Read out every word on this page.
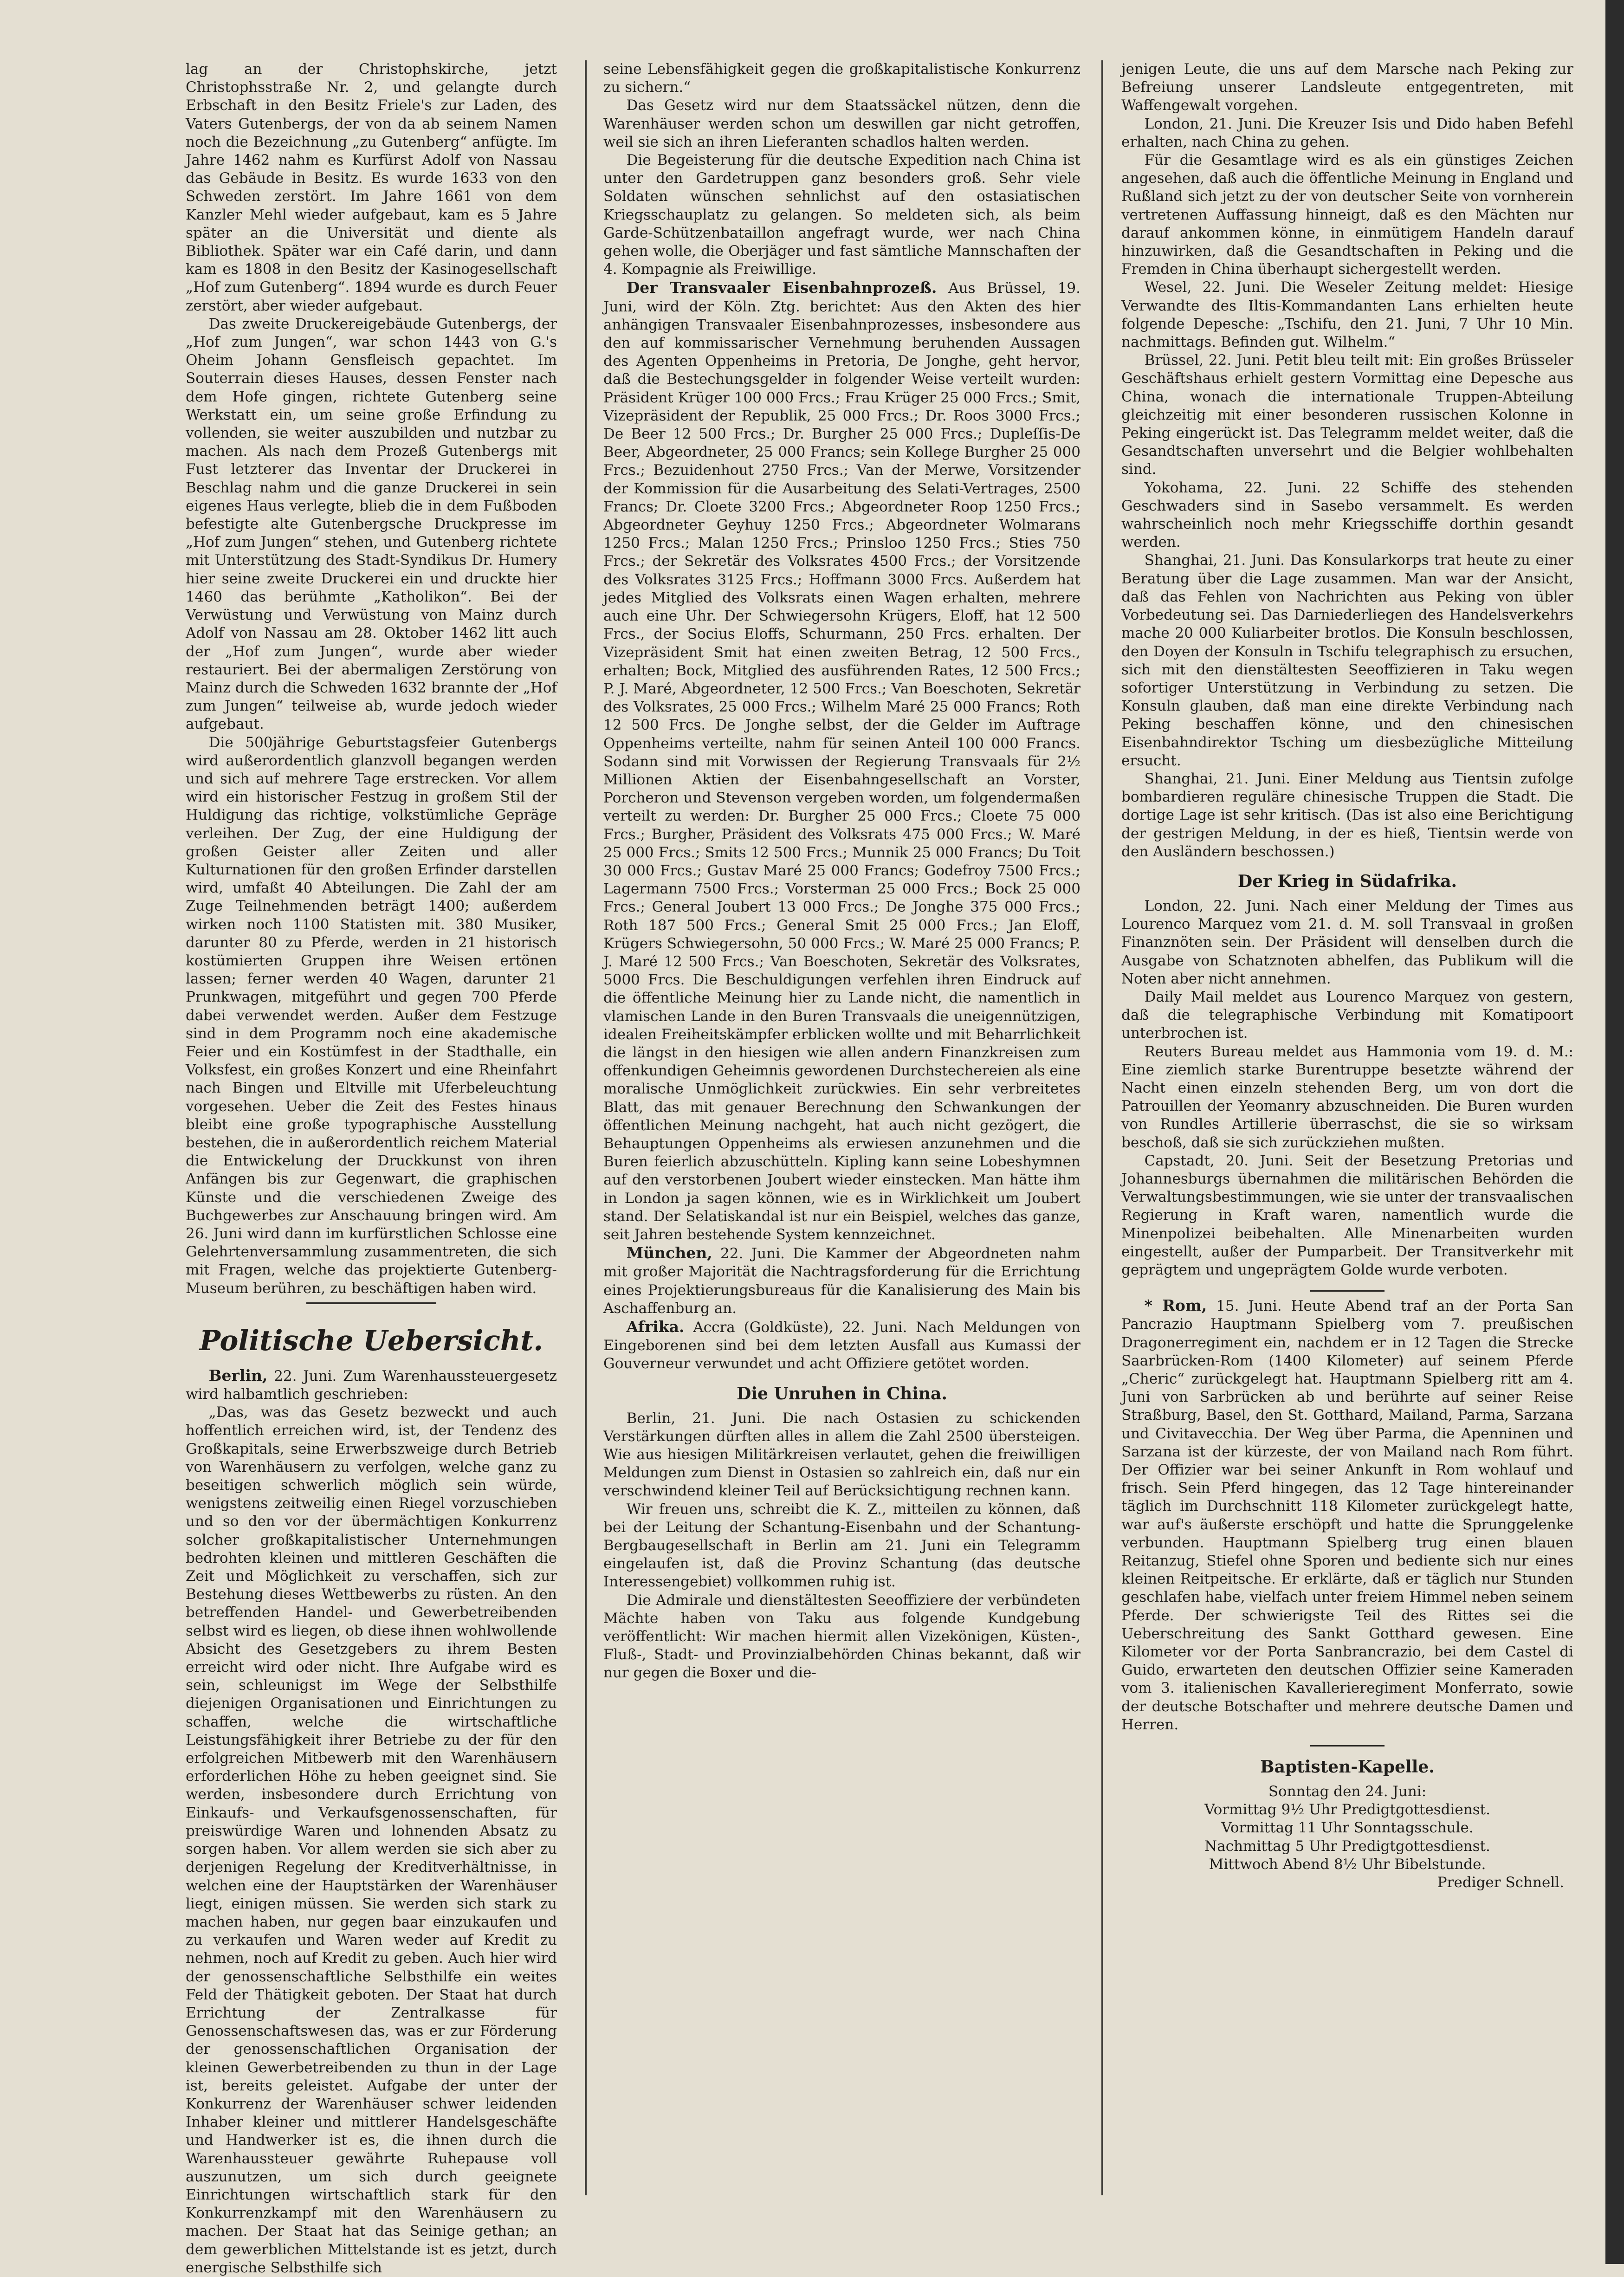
lag an der Christophskirche, jetzt Christophsstraße Nr. 2, und gelangte durch Erbschaft in den Besitz Friele's zur Laden, des Vaters Gutenbergs, der von da ab seinem Namen noch die Bezeichnung „zu Gutenberg“ anfügte. Im Jahre 1462 nahm es Kurfürst Adolf von Nassau das Gebäude in Besitz. Es wurde 1633 von den Schweden zerstört. Im Jahre 1661 von dem Kanzler Mehl wieder aufgebaut, kam es 5 Jahre später an die Universität und diente als Bibliothek. Später war ein Café darin, und dann kam es 1808 in den Besitz der Kasinogesellschaft „Hof zum Gutenberg“. 1894 wurde es durch Feuer zerstört, aber wieder aufgebaut.

Das zweite Druckereigebäude Gutenbergs, der „Hof zum Jungen“, war schon 1443 von G.'s Oheim Johann Gensfleisch gepachtet. Im Souterrain dieses Hauses, dessen Fenster nach dem Hofe gingen, richtete Gutenberg seine Werkstatt ein, um seine große Erfindung zu vollenden, sie weiter auszubilden und nutzbar zu machen. Als nach dem Prozeß Gutenbergs mit Fust letzterer das Inventar der Druckerei in Beschlag nahm und die ganze Druckerei in sein eigenes Haus verlegte, blieb die in dem Fußboden befestigte alte Gutenbergsche Druckpresse im „Hof zum Jungen“ stehen, und Gutenberg richtete mit Unterstützung des Stadt-Syndikus Dr. Humery hier seine zweite Druckerei ein und druckte hier 1460 das berühmte „Katholikon“. Bei der Verwüstung und Verwüstung von Mainz durch Adolf von Nassau am 28. Oktober 1462 litt auch der „Hof zum Jungen“, wurde aber wieder restauriert. Bei der abermaligen Zerstörung von Mainz durch die Schweden 1632 brannte der „Hof zum Jungen“ teilweise ab, wurde jedoch wieder aufgebaut.

Die 500jährige Geburtstagsfeier Gutenbergs wird außerordentlich glanzvoll begangen werden und sich auf mehrere Tage erstrecken. Vor allem wird ein historischer Festzug in großem Stil der Huldigung das richtige, volkstümliche Gepräge verleihen. Der Zug, der eine Huldigung der großen Geister aller Zeiten und aller Kulturnationen für den großen Erfinder darstellen wird, umfaßt 40 Abteilungen. Die Zahl der am Zuge Teilnehmenden beträgt 1400; außerdem wirken noch 1100 Statisten mit. 380 Musiker, darunter 80 zu Pferde, werden in 21 historisch kostümierten Gruppen ihre Weisen ertönen lassen; ferner werden 40 Wagen, darunter 21 Prunkwagen, mitgeführt und gegen 700 Pferde dabei verwendet werden. Außer dem Festzuge sind in dem Programm noch eine akademische Feier und ein Kostümfest in der Stadthalle, ein Volksfest, ein großes Konzert und eine Rheinfahrt nach Bingen und Eltville mit Uferbeleuchtung vorgesehen. Ueber die Zeit des Festes hinaus bleibt eine große typographische Ausstellung bestehen, die in außerordentlich reichem Material die Entwickelung der Druckkunst von ihren Anfängen bis zur Gegenwart, die graphischen Künste und die verschiedenen Zweige des Buchgewerbes zur Anschauung bringen wird. Am 26. Juni wird dann im kurfürstlichen Schlosse eine Gelehrtenversammlung zusammentreten, die sich mit Fragen, welche das projektierte Gutenberg-Museum berühren, zu beschäftigen haben wird.

Politische Uebersicht.

Berlin, 22. Juni. Zum Warenhaussteuergesetz wird halbamtlich geschrieben:

„Das, was das Gesetz bezweckt und auch hoffentlich erreichen wird, ist, der Tendenz des Großkapitals, seine Erwerbszweige durch Betrieb von Warenhäusern zu verfolgen, welche ganz zu beseitigen schwerlich möglich sein würde, wenigstens zeitweilig einen Riegel vorzuschieben und so den vor der übermächtigen Konkurrenz solcher großkapitalistischer Unternehmungen bedrohten kleinen und mittleren Geschäften die Zeit und Möglichkeit zu verschaffen, sich zur Bestehung dieses Wettbewerbs zu rüsten. An den betreffenden Handel- und Gewerbetreibenden selbst wird es liegen, ob diese ihnen wohlwollende Absicht des Gesetzgebers zu ihrem Besten erreicht wird oder nicht. Ihre Aufgabe wird es sein, schleunigst im Wege der Selbsthilfe diejenigen Organisationen und Einrichtungen zu schaffen, welche die wirtschaftliche Leistungsfähigkeit ihrer Betriebe zu der für den erfolgreichen Mitbewerb mit den Warenhäusern erforderlichen Höhe zu heben geeignet sind. Sie werden, insbesondere durch Errichtung von Einkaufs- und Verkaufsgenossenschaften, für preiswürdige Waren und lohnenden Absatz zu sorgen haben. Vor allem werden sie sich aber zu derjenigen Regelung der Kreditverhältnisse, in welchen eine der Hauptstärken der Warenhäuser liegt, einigen müssen. Sie werden sich stark zu machen haben, nur gegen baar einzukaufen und zu verkaufen und Waren weder auf Kredit zu nehmen, noch auf Kredit zu geben. Auch hier wird der genossenschaftliche Selbsthilfe ein weites Feld der Thätigkeit geboten. Der Staat hat durch Errichtung der Zentralkasse für Genossenschaftswesen das, was er zur Förderung der genossenschaftlichen Organisation der kleinen Gewerbetreibenden zu thun in der Lage ist, bereits geleistet. Aufgabe der unter der Konkurrenz der Warenhäuser schwer leidenden Inhaber kleiner und mittlerer Handelsgeschäfte und Handwerker ist es, die ihnen durch die Warenhaussteuer gewährte Ruhepause voll auszunutzen, um sich durch geeignete Einrichtungen wirtschaftlich stark für den Konkurrenzkampf mit den Warenhäusern zu machen. Der Staat hat das Seinige gethan; an dem gewerblichen Mittelstande ist es jetzt, durch energische Selbsthilfe sich

seine Lebensfähigkeit gegen die großkapitalistische Konkurrenz zu sichern.“

Das Gesetz wird nur dem Staatssäckel nützen, denn die Warenhäuser werden schon um deswillen gar nicht getroffen, weil sie sich an ihren Lieferanten schadlos halten werden.

Die Begeisterung für die deutsche Expedition nach China ist unter den Gardetruppen ganz besonders groß. Sehr viele Soldaten wünschen sehnlichst auf den ostasiatischen Kriegsschauplatz zu gelangen. So meldeten sich, als beim Garde-Schützenbataillon angefragt wurde, wer nach China gehen wolle, die Oberjäger und fast sämtliche Mannschaften der 4. Kompagnie als Freiwillige.

Der Transvaaler Eisenbahnprozeß. Aus Brüssel, 19. Juni, wird der Köln. Ztg. berichtet: Aus den Akten des hier anhängigen Transvaaler Eisenbahnprozesses, insbesondere aus den auf kommissarischer Vernehmung beruhenden Aussagen des Agenten Oppenheims in Pretoria, De Jonghe, geht hervor, daß die Bestechungsgelder in folgender Weise verteilt wurden: Präsident Krüger 100 000 Frcs.; Frau Krüger 25 000 Frcs.; Smit, Vizepräsident der Republik, 25 000 Frcs.; Dr. Roos 3000 Frcs.; De Beer 12 500 Frcs.; Dr. Burgher 25 000 Frcs.; Dupleſſis-De Beer, Abgeordneter, 25 000 Francs; sein Kollege Burgher 25 000 Frcs.; Bezuidenhout 2750 Frcs.; Van der Merwe, Vorsitzender der Kommission für die Ausarbeitung des Selati-Vertrages, 2500 Francs; Dr. Cloete 3200 Frcs.; Abgeordneter Roop 1250 Frcs.; Abgeordneter Geyhuy 1250 Frcs.; Abgeordneter Wolmarans 1250 Frcs.; Malan 1250 Frcs.; Prinsloo 1250 Frcs.; Sties 750 Frcs.; der Sekretär des Volksrates 4500 Frcs.; der Vorsitzende des Volksrates 3125 Frcs.; Hoffmann 3000 Frcs. Außerdem hat jedes Mitglied des Volksrats einen Wagen erhalten, mehrere auch eine Uhr. Der Schwiegersohn Krügers, Eloff, hat 12 500 Frcs., der Socius Eloffs, Schurmann, 250 Frcs. erhalten. Der Vizepräsident Smit hat einen zweiten Betrag, 12 500 Frcs., erhalten; Bock, Mitglied des ausführenden Rates, 12 500 Frcs.; P. J. Maré, Abgeordneter, 12 500 Frcs.; Van Boeschoten, Sekretär des Volksrates, 25 000 Frcs.; Wilhelm Maré 25 000 Francs; Roth 12 500 Frcs. De Jonghe selbst, der die Gelder im Auftrage Oppenheims verteilte, nahm für seinen Anteil 100 000 Francs. Sodann sind mit Vorwissen der Regierung Transvaals für 2½ Millionen Aktien der Eisenbahngesellschaft an Vorster, Porcheron und Stevenson vergeben worden, um folgendermaßen verteilt zu werden: Dr. Burgher 25 000 Frcs.; Cloete 75 000 Frcs.; Burgher, Präsident des Volksrats 475 000 Frcs.; W. Maré 25 000 Frcs.; Smits 12 500 Frcs.; Munnik 25 000 Francs; Du Toit 30 000 Frcs.; Gustav Maré 25 000 Francs; Godefroy 7500 Frcs.; Lagermann 7500 Frcs.; Vorsterman 25 000 Frcs.; Bock 25 000 Frcs.; General Joubert 13 000 Frcs.; De Jonghe 375 000 Frcs.; Roth 187 500 Frcs.; General Smit 25 000 Frcs.; Jan Eloff, Krügers Schwiegersohn, 50 000 Frcs.; W. Maré 25 000 Francs; P. J. Maré 12 500 Frcs.; Van Boeschoten, Sekretär des Volksrates, 5000 Frcs. Die Beschuldigungen verfehlen ihren Eindruck auf die öffentliche Meinung hier zu Lande nicht, die namentlich in vlamischen Lande in den Buren Transvaals die uneigennützigen, idealen Freiheitskämpfer erblicken wollte und mit Beharrlichkeit die längst in den hiesigen wie allen andern Finanzkreisen zum offenkundigen Geheimnis gewordenen Durchstechereien als eine moralische Unmöglichkeit zurückwies. Ein sehr verbreitetes Blatt, das mit genauer Berechnung den Schwankungen der öffentlichen Meinung nachgeht, hat auch nicht gezögert, die Behauptungen Oppenheims als erwiesen anzunehmen und die Buren feierlich abzuschütteln. Kipling kann seine Lobeshymnen auf den verstorbenen Joubert wieder einstecken. Man hätte ihm in London ja sagen können, wie es in Wirklichkeit um Joubert stand. Der Selatiskandal ist nur ein Beispiel, welches das ganze, seit Jahren bestehende System kennzeichnet.

München, 22. Juni. Die Kammer der Abgeordneten nahm mit großer Majorität die Nachtragsforderung für die Errichtung eines Projektierungsbureaus für die Kanalisierung des Main bis Aschaffenburg an.

Afrika. Accra (Goldküste), 22. Juni. Nach Meldungen von Eingeborenen sind bei dem letzten Ausfall aus Kumassi der Gouverneur verwundet und acht Offiziere getötet worden.

Die Unruhen in China.

Berlin, 21. Juni. Die nach Ostasien zu schickenden Verstärkungen dürften alles in allem die Zahl 2500 übersteigen. Wie aus hiesigen Militärkreisen verlautet, gehen die freiwilligen Meldungen zum Dienst in Ostasien so zahlreich ein, daß nur ein verschwindend kleiner Teil auf Berücksichtigung rechnen kann.

Wir freuen uns, schreibt die K. Z., mitteilen zu können, daß bei der Leitung der Schantung-Eisenbahn und der Schantung-Bergbaugesellschaft in Berlin am 21. Juni ein Telegramm eingelaufen ist, daß die Provinz Schantung (das deutsche Interessengebiet) vollkommen ruhig ist.

Die Admirale und dienstältesten Seeoffiziere der verbündeten Mächte haben von Taku aus folgende Kundgebung veröffentlicht: Wir machen hiermit allen Vizekönigen, Küsten-, Fluß-, Stadt- und Provinzialbehörden Chinas bekannt, daß wir nur gegen die Boxer und die-

jenigen Leute, die uns auf dem Marsche nach Peking zur Befreiung unserer Landsleute entgegentreten, mit Waffengewalt vorgehen.

London, 21. Juni. Die Kreuzer Isis und Dido haben Befehl erhalten, nach China zu gehen.

Für die Gesamtlage wird es als ein günstiges Zeichen angesehen, daß auch die öffentliche Meinung in England und Rußland sich jetzt zu der von deutscher Seite von vornherein vertretenen Auffassung hinneigt, daß es den Mächten nur darauf ankommen könne, in einmütigem Handeln darauf hinzuwirken, daß die Gesandtschaften in Peking und die Fremden in China überhaupt sichergestellt werden.

Wesel, 22. Juni. Die Weseler Zeitung meldet: Hiesige Verwandte des Iltis-Kommandanten Lans erhielten heute folgende Depesche: „Tschifu, den 21. Juni, 7 Uhr 10 Min. nachmittags. Befinden gut. Wilhelm.“

Brüssel, 22. Juni. Petit bleu teilt mit: Ein großes Brüsseler Geschäftshaus erhielt gestern Vormittag eine Depesche aus China, wonach die internationale Truppen-Abteilung gleichzeitig mit einer besonderen russischen Kolonne in Peking eingerückt ist. Das Telegramm meldet weiter, daß die Gesandtschaften unversehrt und die Belgier wohlbehalten sind.

Yokohama, 22. Juni. 22 Schiffe des stehenden Geschwaders sind in Sasebo versammelt. Es werden wahrscheinlich noch mehr Kriegsschiffe dorthin gesandt werden.

Shanghai, 21. Juni. Das Konsularkorps trat heute zu einer Beratung über die Lage zusammen. Man war der Ansicht, daß das Fehlen von Nachrichten aus Peking von übler Vorbedeutung sei. Das Darniederliegen des Handelsverkehrs mache 20 000 Kuliarbeiter brotlos. Die Konsuln beschlossen, den Doyen der Konsuln in Tschifu telegraphisch zu ersuchen, sich mit den dienstältesten Seeoffizieren in Taku wegen sofortiger Unterstützung in Verbindung zu setzen. Die Konsuln glauben, daß man eine direkte Verbindung nach Peking beschaffen könne, und den chinesischen Eisenbahndirektor Tsching um diesbezügliche Mitteilung ersucht.

Shanghai, 21. Juni. Einer Meldung aus Tientsin zufolge bombardieren reguläre chinesische Truppen die Stadt. Die dortige Lage ist sehr kritisch. (Das ist also eine Berichtigung der gestrigen Meldung, in der es hieß, Tientsin werde von den Ausländern beschossen.)

Der Krieg in Südafrika.

London, 22. Juni. Nach einer Meldung der Times aus Lourenco Marquez vom 21. d. M. soll Transvaal in großen Finanznöten sein. Der Präsident will denselben durch die Ausgabe von Schatznoten abhelfen, das Publikum will die Noten aber nicht annehmen.

Daily Mail meldet aus Lourenco Marquez von gestern, daß die telegraphische Verbindung mit Komatipoort unterbrochen ist.

Reuters Bureau meldet aus Hammonia vom 19. d. M.: Eine ziemlich starke Burentruppe besetzte während der Nacht einen einzeln stehenden Berg, um von dort die Patrouillen der Yeomanry abzuschneiden. Die Buren wurden von Rundles Artillerie überraschst, die sie so wirksam beschoß, daß sie sich zurückziehen mußten.

Capstadt, 20. Juni. Seit der Besetzung Pretorias und Johannesburgs übernahmen die militärischen Behörden die Verwaltungsbestimmungen, wie sie unter der transvaalischen Regierung in Kraft waren, namentlich wurde die Minenpolizei beibehalten. Alle Minenarbeiten wurden eingestellt, außer der Pumparbeit. Der Transitverkehr mit geprägtem und ungeprägtem Golde wurde verboten.

* Rom, 15. Juni. Heute Abend traf an der Porta San Pancrazio Hauptmann Spielberg vom 7. preußischen Dragonerregiment ein, nachdem er in 12 Tagen die Strecke Saarbrücken-Rom (1400 Kilometer) auf seinem Pferde „Cheric“ zurückgelegt hat. Hauptmann Spielberg ritt am 4. Juni von Sarbrücken ab und berührte auf seiner Reise Straßburg, Basel, den St. Gotthard, Mailand, Parma, Sarzana und Civitavecchia. Der Weg über Parma, die Apenninen und Sarzana ist der kürzeste, der von Mailand nach Rom führt. Der Offizier war bei seiner Ankunft in Rom wohlauf und frisch. Sein Pferd hingegen, das 12 Tage hintereinander täglich im Durchschnitt 118 Kilometer zurückgelegt hatte, war auf's äußerste erschöpft und hatte die Sprunggelenke verbunden. Hauptmann Spielberg trug einen blauen Reitanzug, Stiefel ohne Sporen und bediente sich nur eines kleinen Reitpeitsche. Er erklärte, daß er täglich nur Stunden geschlafen habe, vielfach unter freiem Himmel neben seinem Pferde. Der schwierigste Teil des Rittes sei die Ueberschreitung des Sankt Gotthard gewesen. Eine Kilometer vor der Porta Sanbrancrazio, bei dem Castel di Guido, erwarteten den deutschen Offizier seine Kameraden vom 3. italienischen Kavallerieregiment Monferrato, sowie der deutsche Botschafter und mehrere deutsche Damen und Herren.

Baptisten-Kapelle.
Sonntag den 24. Juni:
Vormittag 9½ Uhr Predigtgottesdienst.
Vormittag 11 Uhr Sonntagsschule.
Nachmittag 5 Uhr Predigtgottesdienst.
Mittwoch Abend 8½ Uhr Bibelstunde.
Prediger Schnell.
